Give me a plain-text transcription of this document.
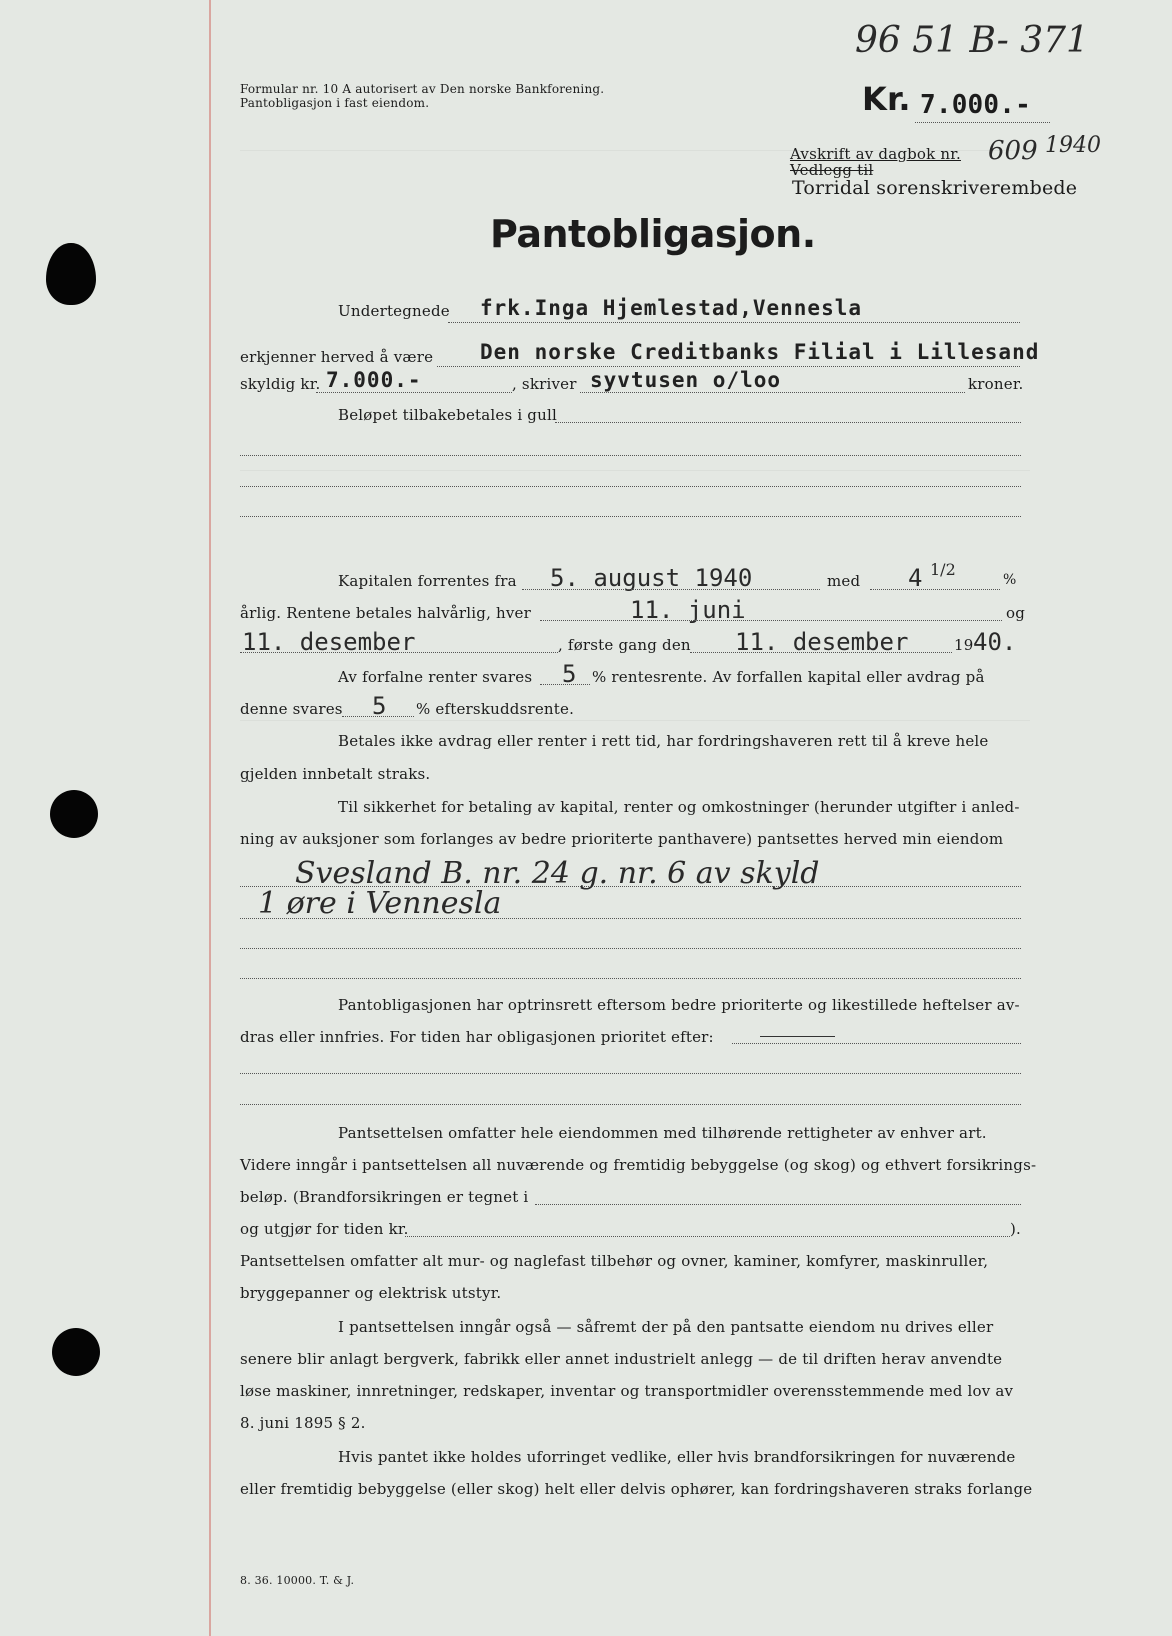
96 51 B- 371
Formular nr. 10 A autorisert av Den norske Bankforening.
Pantobligasjon i fast eiendom.	Kr. 7.000.-
Avskrift av dagbok nr. 609 1940
Vedlegg til
Torridal sorenskriverembede
Pantobligasjon.
Undertegnede frk.Inga Hjemlestad,Vennesla
erkjenner herved å være Den norske Creditbanks Filial i Lillesand
skyldig kr. 7.000.-	, skriver syvtusen o/loo	kroner.
Beløpet tilbakebetales i gull
Kapitalen forrentes fra 5. august 1940	med 4 1/2
%
årlig. Rentene betales halvårlig, hver	11. juni	og
11. desember	, første gang den 11. desember	19 40.
Av forfalne renter svares 5 % rentesrente. Av forfallen kapital eller avdrag på
denne svares 5 % efterskuddsrente.
Betales ikke avdrag eller renter i rett tid, har fordringshaveren rett til å kreve hele
gjelden innbetalt straks.
Til sikkerhet for betaling av kapital, renter og omkostninger (herunder utgifter i anled-
ning av auksjoner som forlanges av bedre prioriterte panthavere) pantsettes herved min eiendom
Svesland B. nr. 24 g. nr. 6 av skyld
1 øre i Vennesla
Pantobligasjonen har optrinsrett eftersom bedre prioriterte og likestillede heftelser av-
dras eller innfries. For tiden har obligasjonen prioritet efter:
Pantsettelsen omfatter hele eiendommen med tilhørende rettigheter av enhver art.
Videre inngår i pantsettelsen all nuværende og fremtidig bebyggelse (og skog) og ethvert forsikrings-
beløp. (Brandforsikringen er tegnet i
og utgjør for tiden kr.	).
Pantsettelsen omfatter alt mur- og naglefast tilbehør og ovner, kaminer, komfyrer, maskinruller,
bryggepanner og elektrisk utstyr.
I pantsettelsen inngår også — såfremt der på den pantsatte eiendom nu drives eller
senere blir anlagt bergverk, fabrikk eller annet industrielt anlegg — de til driften herav anvendte
løse maskiner, innretninger, redskaper, inventar og transportmidler overensstemmende med lov av
8. juni 1895 § 2.
Hvis pantet ikke holdes uforringet vedlike, eller hvis brandforsikringen for nuværende
eller fremtidig bebyggelse (eller skog) helt eller delvis ophører, kan fordringshaveren straks forlange
8. 36. 10000. T. & J.
